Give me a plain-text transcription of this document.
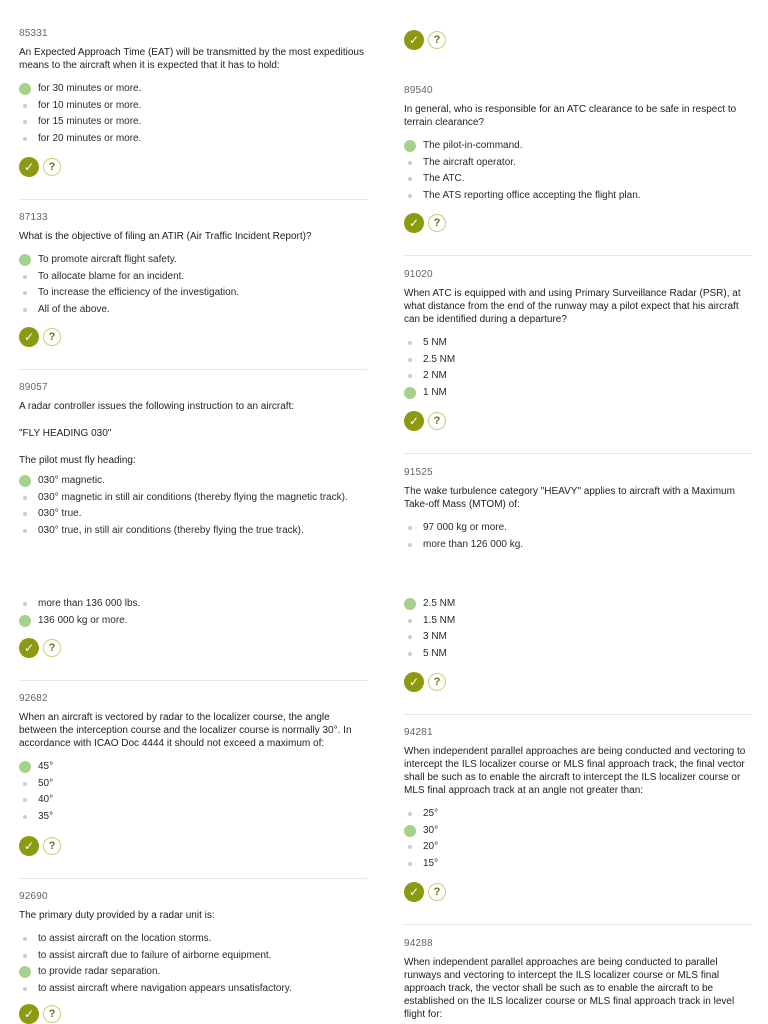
85331
An Expected Approach Time (EAT) will be transmitted by the most expeditious means to the aircraft when it is expected that it has to hold:
for 30 minutes or more.
for 10 minutes or more.
for 15 minutes or more.
for 20 minutes or more.
✓	?
87133
What is the objective of filing an ATIR (Air Traffic Incident Report)?
To promote aircraft flight safety.
To allocate blame for an incident.
To increase the efficiency of the investigation.
All of the above.
✓	?
89057

A radar controller issues the following instruction to an aircraft:

"FLY HEADING 030"

The pilot must fly heading:

030° magnetic.
030° magnetic in still air conditions (thereby flying the magnetic track).
030° true.
030° true, in still air conditions (thereby flying the true track).
more than 136 000 lbs.
136 000 kg or more.
✓	?
92682
When an aircraft is vectored by radar to the localizer course, the angle between the interception course and the localizer course is normally 30°. In accordance with ICAO Doc 4444 it should not exceed a maximum of:
45°
50°
40°
35°
✓	?
92690
The primary duty provided by a radar unit is:
to assist aircraft on the location storms.
to assist aircraft due to failure of airborne equipment.
to provide radar separation.
to assist aircraft where navigation appears unsatisfactory.
✓	?
✓	?
89540
In general, who is responsible for an ATC clearance to be safe in respect to terrain clearance?
The pilot-in-command.
The aircraft operator.
The ATC.
The ATS reporting office accepting the flight plan.
✓	?
91020
When ATC is equipped with and using Primary Surveillance Radar (PSR), at what distance from the end of the runway may a pilot expect that his aircraft can be identified during a departure?
5 NM
2.5 NM
2 NM
1 NM
✓	?
91525
The wake turbulence category "HEAVY" applies to aircraft with a Maximum Take-off Mass (MTOM) of:
97 000 kg or more.
more than 126 000 kg.
2.5 NM
1.5 NM
3 NM
5 NM
✓	?
94281
When independent parallel approaches are being conducted and vectoring to intercept the ILS localizer course or MLS final approach track, the final vector shall be such as to enable the aircraft to intercept the ILS localizer course or MLS final approach track at an angle not greater than:
25°
30°
20°
15°
✓	?
94288
When independent parallel approaches are being conducted to parallel runways and vectoring to intercept the ILS localizer course or MLS final approach track, the vector shall be such as to enable the aircraft to be established on the ILS localizer course or MLS final approach track in level flight for:
